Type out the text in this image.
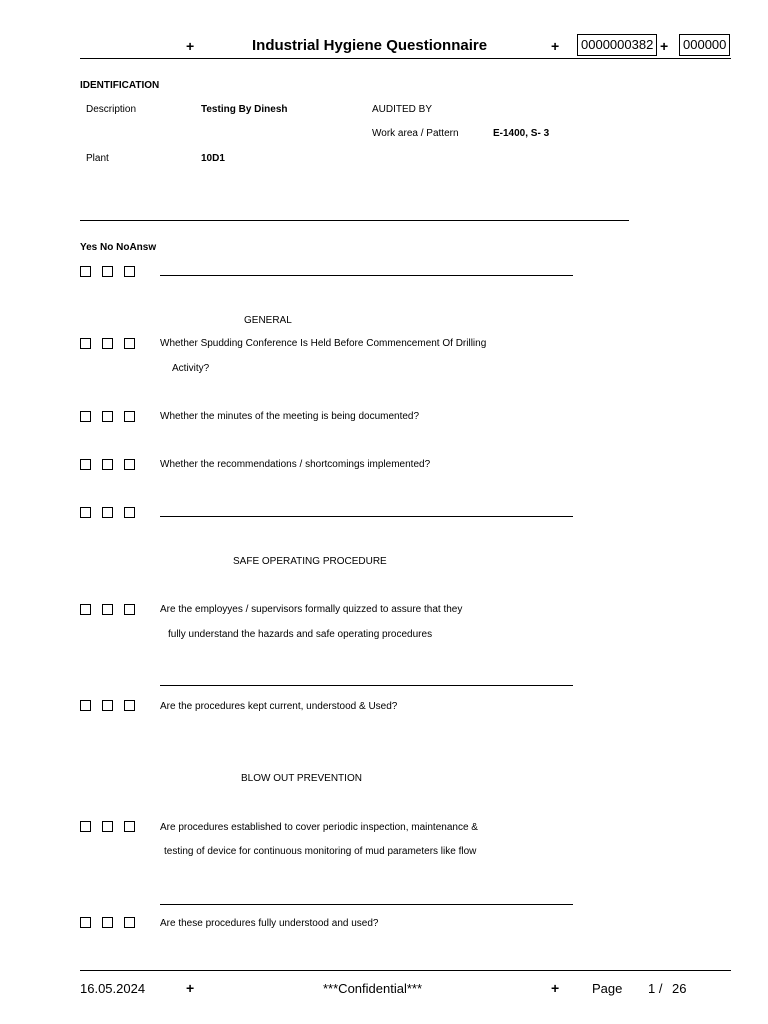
+	Industrial Hygiene Questionnaire	+	0000000382 +	000000
IDENTIFICATION
Description	Testing By Dinesh	AUDITED BY
Work area / Pattern	E-1400, S- 3
Plant	10D1
Yes No NoAnsw
GENERAL
Whether Spudding Conference Is Held Before Commencement Of Drilling
Activity?
Whether the minutes of the meeting is being documented?
Whether the recommendations / shortcomings implemented?
SAFE OPERATING PROCEDURE
Are the employyes / supervisors formally quizzed to assure that they
fully understand the hazards and safe operating procedures
Are the procedures kept current, understood & Used?
BLOW OUT PREVENTION
Are procedures established to cover periodic inspection, maintenance &
testing of device for continuous monitoring of mud parameters like flow
Are these procedures fully understood and used?
16.05.2024	+	***Confidential***	+	Page 1 / 26
